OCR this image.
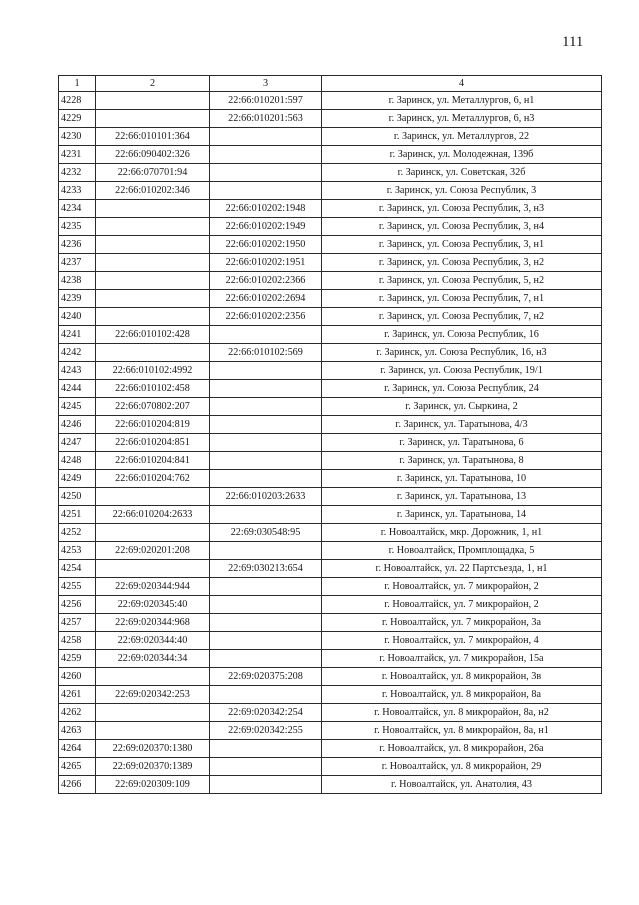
111
1	2	3	4
4228		22:66:010201:597	г. Заринск, ул. Металлургов, 6, н1
4229		22:66:010201:563	г. Заринск, ул. Металлургов, 6, н3
4230	22:66:010101:364		г. Заринск, ул. Металлургов, 22
4231	22:66:090402:326		г. Заринск, ул. Молодежная, 139б
4232	22:66:070701:94		г. Заринск, ул. Советская, 32б
4233	22:66:010202:346		г. Заринск, ул. Союза Республик, 3
4234		22:66:010202:1948	г. Заринск, ул. Союза Республик, 3, н3
4235		22:66:010202:1949	г. Заринск, ул. Союза Республик, 3, н4
4236		22:66:010202:1950	г. Заринск, ул. Союза Республик, 3, н1
4237		22:66:010202:1951	г. Заринск, ул. Союза Республик, 3, н2
4238		22:66:010202:2366	г. Заринск, ул. Союза Республик, 5, н2
4239		22:66:010202:2694	г. Заринск, ул. Союза Республик, 7, н1
4240		22:66:010202:2356	г. Заринск, ул. Союза Республик, 7, н2
4241	22:66:010102:428		г. Заринск, ул. Союза Республик, 16
4242		22:66:010102:569	г. Заринск, ул. Союза Республик, 16, н3
4243	22:66:010102:4992		г. Заринск, ул. Союза Республик, 19/1
4244	22:66:010102:458		г. Заринск, ул. Союза Республик, 24
4245	22:66:070802:207		г. Заринск, ул. Сыркина, 2
4246	22:66:010204:819		г. Заринск, ул. Таратынова, 4/3
4247	22:66:010204:851		г. Заринск, ул. Таратынова, 6
4248	22:66:010204:841		г. Заринск, ул. Таратынова, 8
4249	22:66:010204:762		г. Заринск, ул. Таратынова, 10
4250		22:66:010203:2633	г. Заринск, ул. Таратынова, 13
4251	22:66:010204:2633		г. Заринск, ул. Таратынова, 14
4252		22:69:030548:95	г. Новоалтайск, мкр. Дорожник, 1, н1
4253	22:69:020201:208		г. Новоалтайск, Промплощадка, 5
4254		22:69:030213:654	г. Новоалтайск, ул. 22 Партсъезда, 1, н1
4255	22:69:020344:944		г. Новоалтайск, ул. 7 микрорайон, 2
4256	22:69:020345:40		г. Новоалтайск, ул. 7 микрорайон, 2
4257	22:69:020344:968		г. Новоалтайск, ул. 7 микрорайон, 3а
4258	22:69:020344:40		г. Новоалтайск, ул. 7 микрорайон, 4
4259	22:69:020344:34		г. Новоалтайск, ул. 7 микрорайон, 15а
4260		22:69:020375:208	г. Новоалтайск, ул. 8 микрорайон, 3в
4261	22:69:020342:253		г. Новоалтайск, ул. 8 микрорайон, 8а
4262		22:69:020342:254	г. Новоалтайск, ул. 8 микрорайон, 8а, н2
4263		22:69:020342:255	г. Новоалтайск, ул. 8 микрорайон, 8а, н1
4264	22:69:020370:1380		г. Новоалтайск, ул. 8 микрорайон, 26а
4265	22:69:020370:1389		г. Новоалтайск, ул. 8 микрорайон, 29
4266	22:69:020309:109		г. Новоалтайск, ул. Анатолия, 43
